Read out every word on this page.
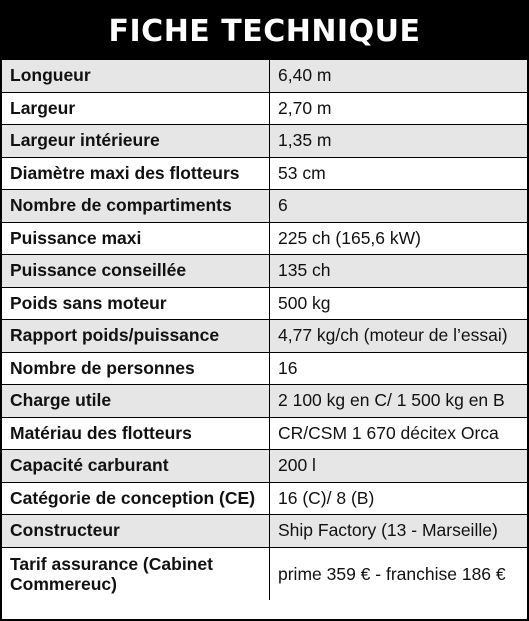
FICHE TECHNIQUE
Longueur	6,40 m
Largeur	2,70 m
Largeur intérieure	1,35 m
Diamètre maxi des flotteurs	53 cm
Nombre de compartiments	6
Puissance maxi	225 ch (165,6 kW)
Puissance conseillée	135 ch
Poids sans moteur	500 kg
Rapport poids/puissance	4,77 kg/ch (moteur de l’essai)
Nombre de personnes	16
Charge utile	2 100 kg en C/ 1 500 kg en B
Matériau des flotteurs	CR/CSM 1 670 décitex Orca
Capacité carburant	200 l
Catégorie de conception (CE)	16 (C)/ 8 (B)
Constructeur	Ship Factory (13 - Marseille)
Tarif assurance (Cabinet Commereuc)	prime 359 € - franchise 186 €
